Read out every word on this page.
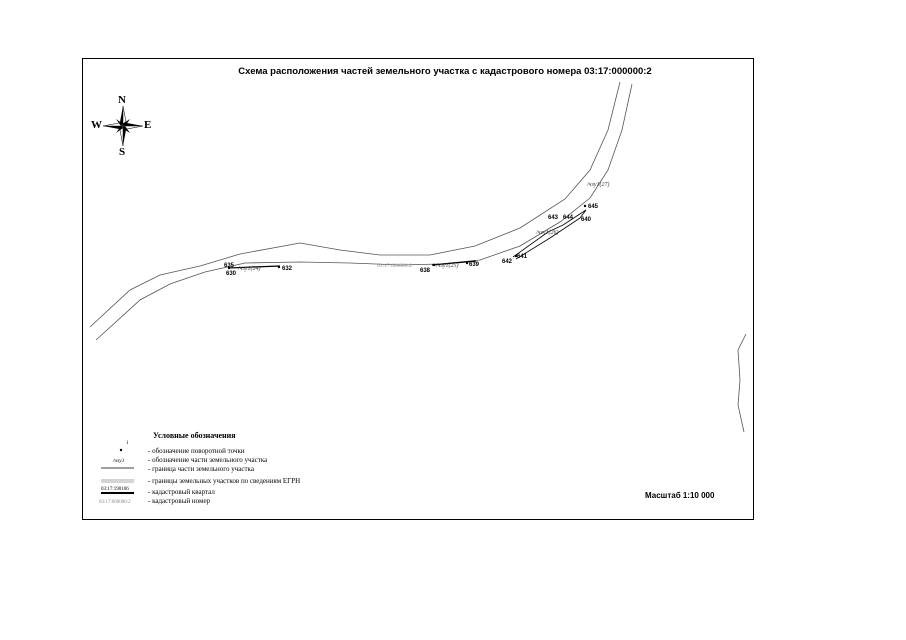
Схема расположения частей земельного участка с кадастрового номера 03:17:000000:2
635
630
632	638
639	642
641
643 644 640
645
/чзу1(24)	/чзу1(25)
/чзу1(26)
/чзу1(27)
03:17:000000:2
1
/чзу1
03:17:190106
03:17:000000:2
N
S
W	E
Условные обозначения
- обозначение поворотной точки
- обозначение части земельного участка
- граница части земельного участка
- границы земельных участков по сведениям ЕГРН
- кадастровый квартал
- кадастровый номер
Масштаб 1:10 000
